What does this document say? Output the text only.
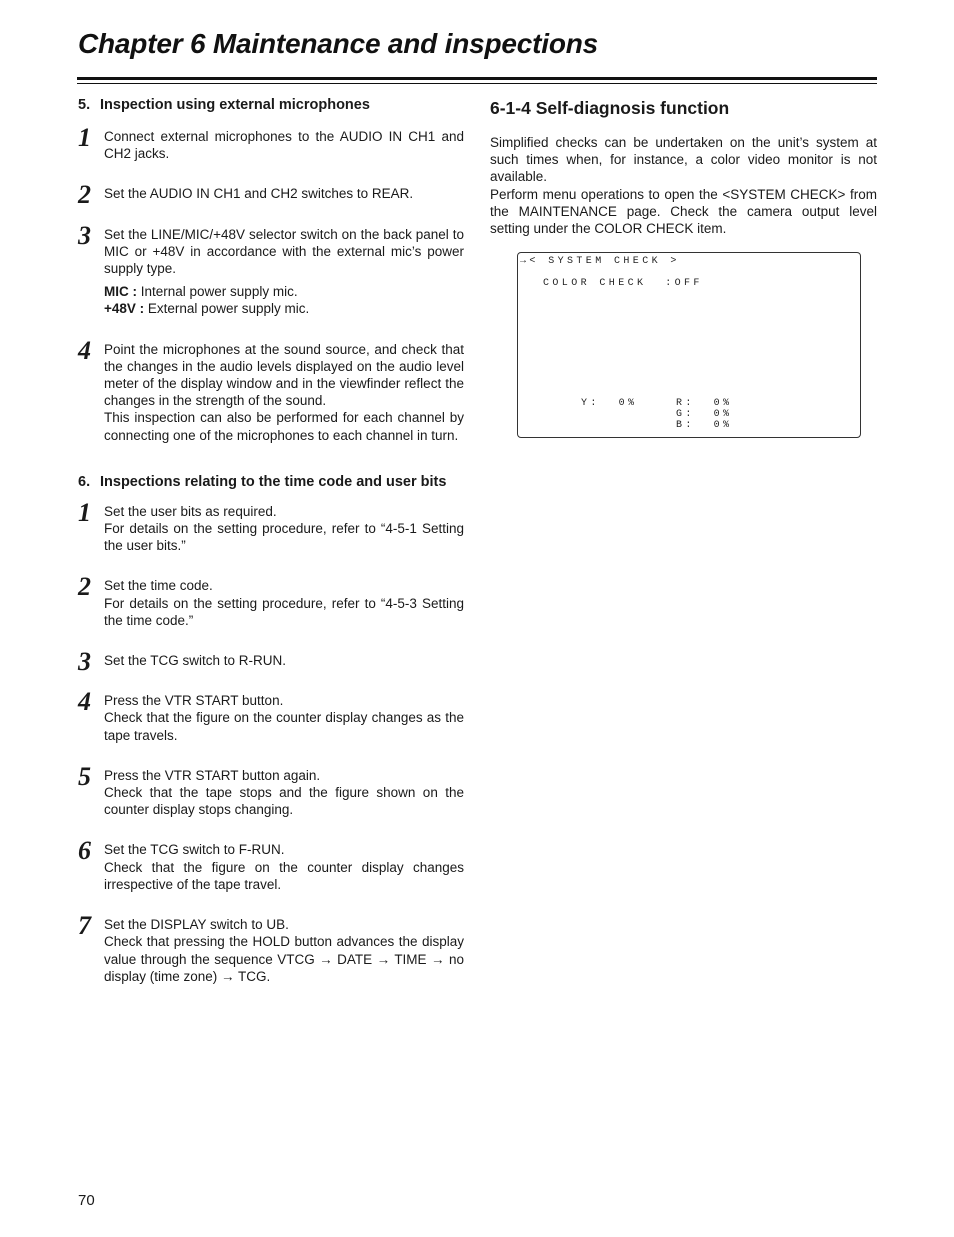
Chapter 6 Maintenance and inspections
5. Inspection using external microphones
1 Connect external microphones to the AUDIO IN CH1 and CH2 jacks.

2 Set the AUDIO IN CH1 and CH2 switches to REAR.

3 Set the LINE/MIC/+48V selector switch on the back panel to MIC or +48V in accordance with the external mic’s power supply type.

MIC : Internal power supply mic.
+48V : External power supply mic.
4 Point the microphones at the sound source, and check that the changes in the audio levels displayed on the audio level meter of the display window and in the viewfinder reflect the changes in the strength of the sound.

This inspection can also be performed for each channel by connecting one of the microphones to each channel in turn.

6. Inspections relating to the time code and user bits
1 Set the user bits as required.

For details on the setting procedure, refer to “4-5-1 Setting the user bits.”

2 Set the time code.

For details on the setting procedure, refer to “4-5-3 Setting the time code.”

3 Set the TCG switch to R-RUN.

4 Press the VTR START button.

Check that the figure on the counter display changes as the tape travels.

5 Press the VTR START button again.

Check that the tape stops and the figure shown on the counter display stops changing.

6 Set the TCG switch to F-RUN.

Check that the figure on the counter display changes irrespective of the tape travel.

7 Set the DISPLAY switch to UB.

Check that pressing the HOLD button advances the display value through the sequence VTCG → DATE → TIME → no display (time zone) → TCG.

6-1-4 Self-diagnosis function

Simplified checks can be undertaken on the unit’s system at such times when, for instance, a color video monitor is not available.

Perform menu operations to open the <SYSTEM CHECK> from the MAINTENANCE page. Check the camera output level setting under the COLOR CHECK item.

→< SYSTEM CHECK >
COLOR CHECK  :OFF
Y:  0%	R:  0%
G:  0%
B:  0%
70
